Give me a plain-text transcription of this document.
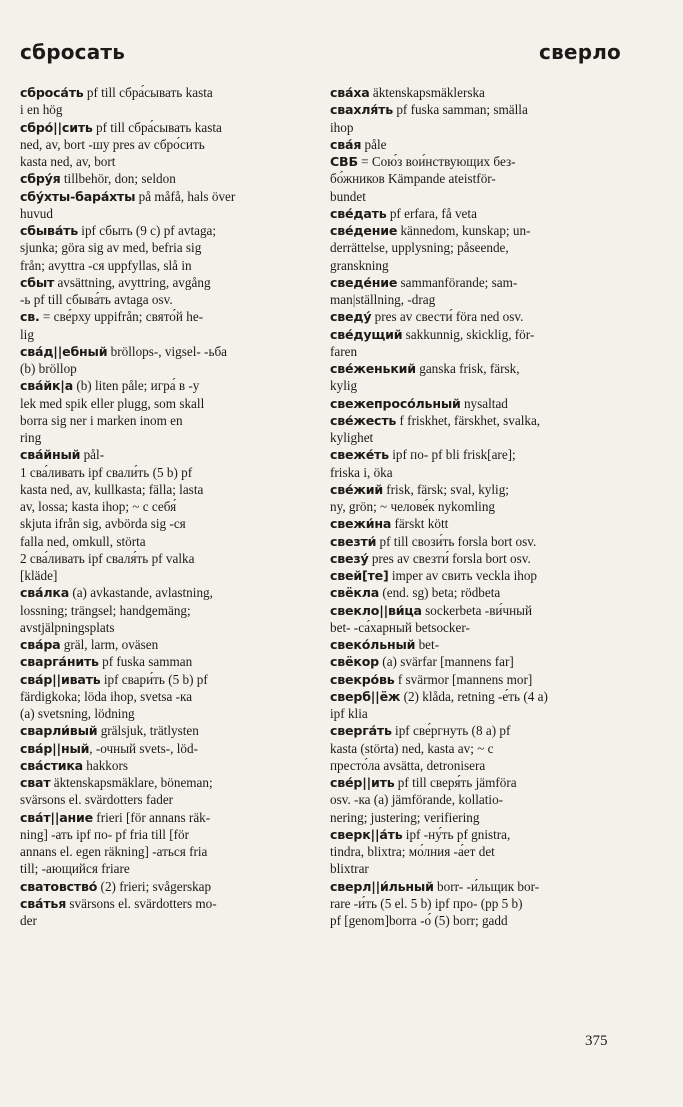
сбросать	сверло
сброса́ть pf till сбра́сывать kasta
i en hög
сбро́||сить pf till сбра́сывать kasta
ned, av, bort -шу pres av сбро́сить
kasta ned, av, bort
сбру́я tillbehör, don; seldon
сбу́хты-бара́хты på måfå, hals över
huvud
сбыва́ть ipf сбыть (9 c) pf avtaga;
sjunka; göra sig av med, befria sig
från; avyttra -ся uppfyllas, slå in
сбыт avsättning, avyttring, avgång
-ь pf till сбыва́ть avtaga osv.
св. = све́рху uppifrån; свято́й he-
lig
сва́д||ебный bröllops-, vigsel- -ьба
(b) bröllop
сва́йк|а (b) liten påle; игра́ в -у
lek med spik eller plugg, som skall
borra sig ner i marken inom en
ring
сва́йный pål-
1 сва́ливать ipf свали́ть (5 b) pf
kasta ned, av, kullkasta; fälla; lasta
av, lossa; kasta ihop; ~ с себя́
skjuta ifrån sig, avbörda sig -ся
falla ned, omkull, störta
2 сва́ливать ipf сваля́ть pf valka
[kläde]
сва́лка (a) avkastande, avlastning,
lossning; trängsel; handgemäng;
avstjälpningsplats
сва́ра gräl, larm, oväsen
сварга́нить pf fuska samman
сва́р||ивать ipf свари́ть (5 b) pf
färdigkoka; löda ihop, svetsa -ка
(a) svetsning, lödning
сварли́вый grälsjuk, trätlysten
сва́р||ный, -очный svets-, löd-
сва́стика hakkors
сват äktenskapsmäklare, böneman;
svärsons el. svärdotters fader
сва́т||ание frieri [för annans räk-
ning] -ать ipf по- pf fria till [för
annans el. egen räkning] -аться fria
till; -ающийся friare
сватовство́ (2) frieri; svågerskap
сва́тья svärsons el. svärdotters mo-
der
сва́ха äktenskapsmäklerska
свахля́ть pf fuska samman; smälla
ihop
сва́я påle
СВБ = Сою́з вои́нствующих без-
бо́жников Kämpande ateistför-
bundet
све́дать pf erfara, få veta
све́дение kännedom, kunskap; un-
derrättelse, upplysning; påseende,
granskning
сведе́ние sammanförande; sam-
man|ställning, -drag
сведу́ pres av свести́ föra ned osv.
све́дущий sakkunnig, skicklig, för-
faren
све́женький ganska frisk, färsk,
kylig
свежепросо́льный nysaltad
све́жесть f friskhet, färskhet, svalka,
kylighet
свеже́ть ipf по- pf bli frisk[are];
friska i, öka
све́жий frisk, färsk; sval, kylig;
ny, grön; ~ челове́к nykomling
свежи́на färskt kött
свезти́ pf till свози́ть forsla bort osv.
свезу́ pres av свезти́ forsla bort osv.
свей[те] imper av свить veckla ihop
свёкла (end. sg) beta; rödbeta
свекло||ви́ца sockerbeta -ви́чный
bet- -са́харный betsocker-
свеко́льный bet-
свёкор (a) svärfar [mannens far]
свекро́вь f svärmor [mannens mor]
сверб||ёж (2) klåda, retning -е́ть (4 a)
ipf klia
сверга́ть ipf све́ргнуть (8 a) pf
kasta (störta) ned, kasta av; ~ с
престо́ла avsätta, detronisera
све́р||ить pf till сверя́ть jämföra
osv. -ка (a) jämförande, kollatio-
nering; justering; verifiering
сверк||а́ть ipf -ну́ть pf gnistra,
tindra, blixtra; мо́лния -а́ет det
blixtrar
сверл||и́льный borr- -и́льщик bor-
rare -и́ть (5 el. 5 b) ipf про- (pp 5 b)
pf [genom]borra -о́ (5) borr; gadd
375
